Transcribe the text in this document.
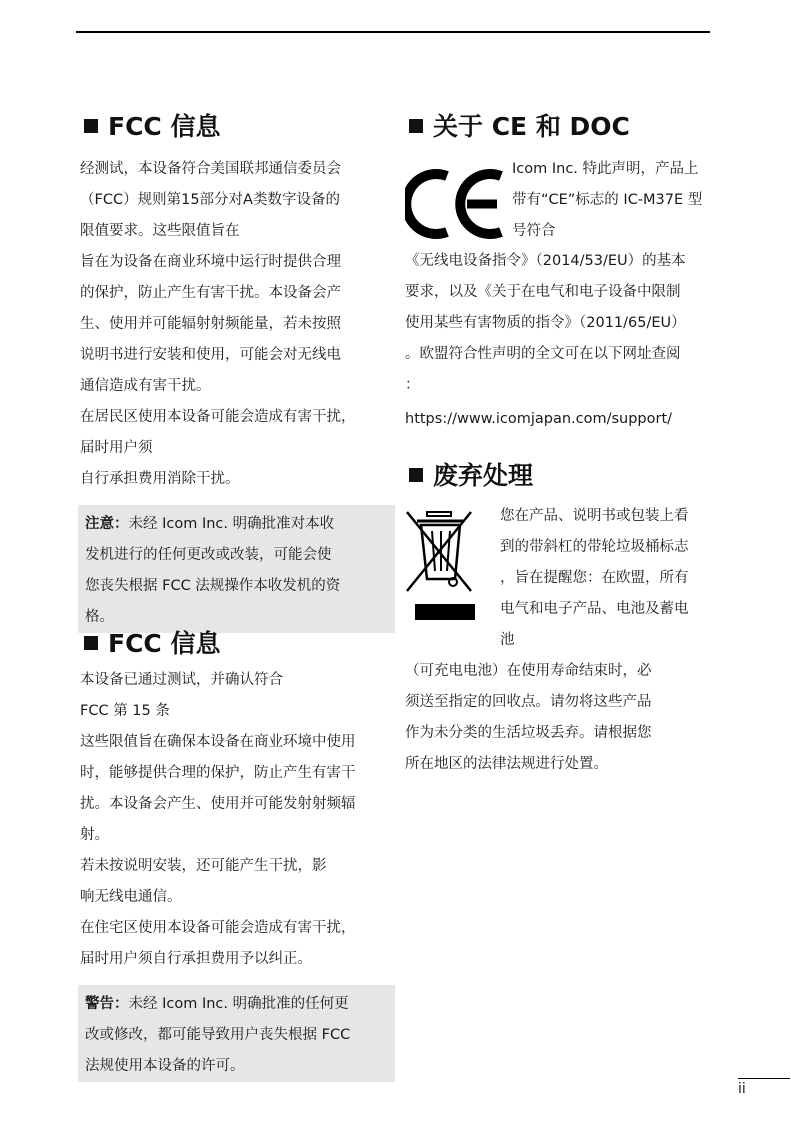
FCC 信息

经测试，本设备符合美国联邦通信委员会

（FCC）规则第15部分对A类数字设备的

限值要求。这些限值旨在

旨在为设备在商业环境中运行时提供合理

的保护，防止产生有害干扰。本设备会产

生、使用并可能辐射射频能量，若未按照

说明书进行安装和使用，可能会对无线电

通信造成有害干扰。

在居民区使用本设备可能会造成有害干扰，

届时用户须

自行承担费用消除干扰。

注意：未经 Icom Inc. 明确批准对本收

发机进行的任何更改或改装，可能会使

您丧失根据 FCC 法规操作本收发机的资

格。

FCC 信息

本设备已通过测试，并确认符合

FCC 第 15 条

这些限值旨在确保本设备在商业环境中使用

时，能够提供合理的保护，防止产生有害干

扰。本设备会产生、使用并可能发射射频辐

射。

若未按说明安装，还可能产生干扰，影

响无线电通信。

在住宅区使用本设备可能会造成有害干扰，

届时用户须自行承担费用予以纠正。

警告：未经 Icom Inc. 明确批准的任何更

改或修改，都可能导致用户丧失根据 FCC

法规使用本设备的许可。

关于 CE 和 DOC

Icom Inc. 特此声明，产品上

带有“CE”标志的 IC-M37E 型

号符合

《无线电设备指令》（2014/53/EU）的基本

要求，以及《关于在电气和电子设备中限制

使用某些有害物质的指令》（2011/65/EU）

。欧盟符合性声明的全文可在以下网址查阅

：

https://www.icomjapan.com/support/

废弃处理

您在产品、说明书或包装上看

到的带斜杠的带轮垃圾桶标志

，旨在提醒您：在欧盟，所有

电气和电子产品、电池及蓄电

池

（可充电电池）在使用寿命结束时，必

须送至指定的回收点。请勿将这些产品

作为未分类的生活垃圾丢弃。请根据您

所在地区的法律法规进行处置。

ii
